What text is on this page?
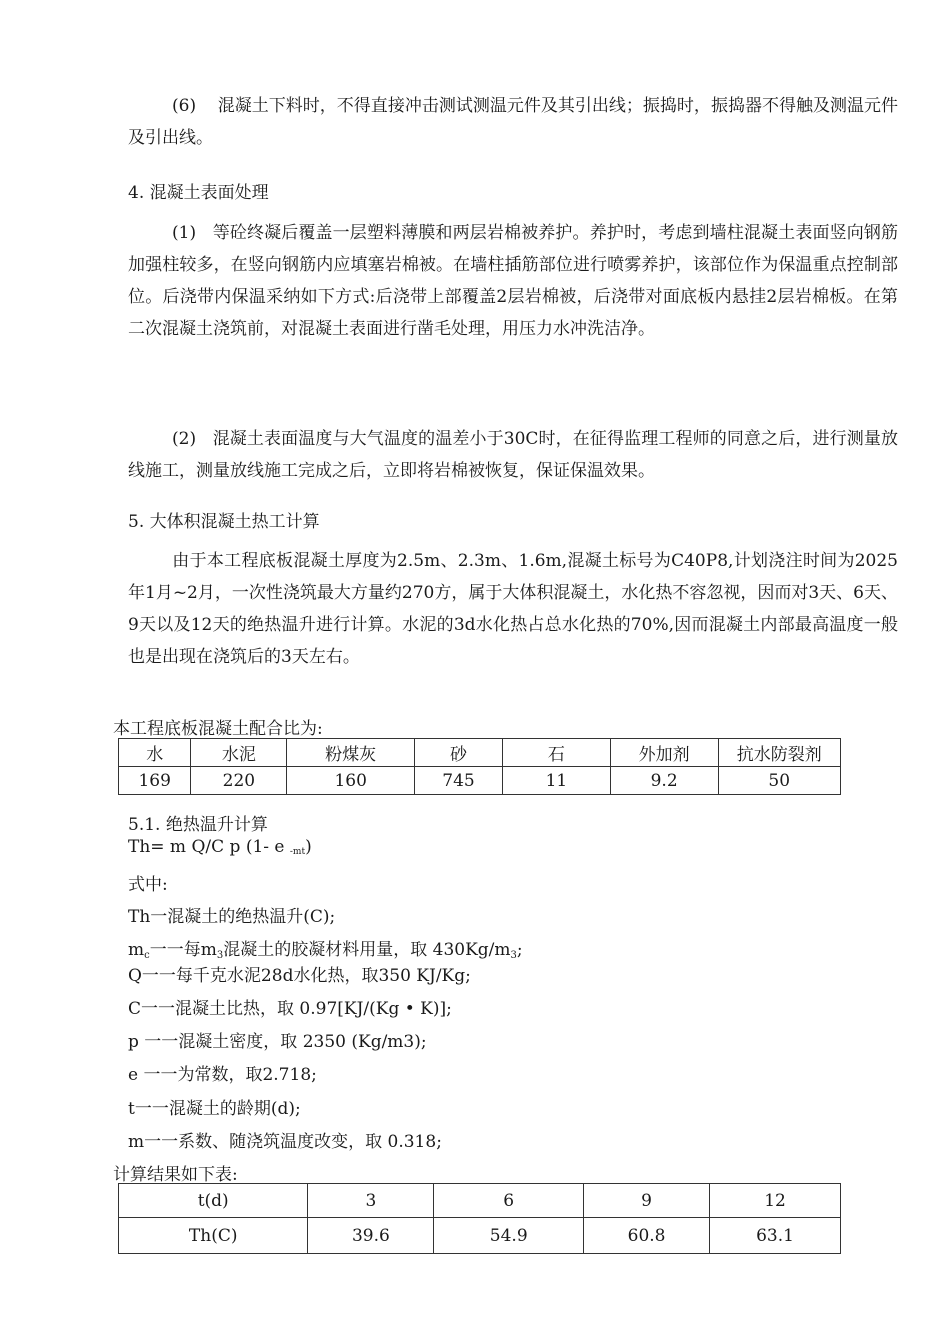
(6) 混凝土下料时，不得直接冲击测试测温元件及其引出线；振捣时，振捣器不得触及测温元件及引出线。

4. 混凝土表面处理

(1) 等砼终凝后覆盖一层塑料薄膜和两层岩棉被养护。养护时，考虑到墙柱混凝土表面竖向钢筋加强柱较多，在竖向钢筋内应填塞岩棉被。在墙柱插筋部位进行喷雾养护，该部位作为保温重点控制部位。后浇带内保温采纳如下方式:后浇带上部覆盖2层岩棉被，后浇带对面底板内悬挂2层岩棉板。在第二次混凝土浇筑前，对混凝土表面进行凿毛处理，用压力水冲洗洁净。

(2) 混凝土表面温度与大气温度的温差小于30C时，在征得监理工程师的同意之后，进行测量放线施工，测量放线施工完成之后，立即将岩棉被恢复，保证保温效果。

5. 大体积混凝土热工计算

由于本工程底板混凝土厚度为2.5m、2.3m、1.6m,混凝土标号为C40P8,计划浇注时间为2025年1月~2月，一次性浇筑最大方量约270方，属于大体积混凝土，水化热不容忽视，因而对3天、6天、9天以及12天的绝热温升进行计算。水泥的3d水化热占总水化热的70%,因而混凝土内部最高温度一般也是出现在浇筑后的3天左右。

本工程底板混凝土配合比为:

水	水泥	粉煤灰	砂	石	外加剂	抗水防裂剂
169	220	160	745	11	9.2	50

5.1. 绝热温升计算

Th= m Q/C p (1- e $_{-mt}$)

式中:

Th一混凝土的绝热温升(C);

$m_c$一一每$m_3$混凝土的胶凝材料用量，取 $430Kg/m_3$;

Q一一每千克水泥28d水化热，取350 KJ/Kg;

C一一混凝土比热，取 0.97[KJ/(Kg • K)];

p 一一混凝土密度，取 2350 (Kg/m3);

e 一一为常数，取2.718;

t一一混凝土的龄期(d);

m一一系数、随浇筑温度改变，取 0.318;

计算结果如下表:

t(d)	3	6	9	12
Th(C)	39.6	54.9	60.8	63.1
